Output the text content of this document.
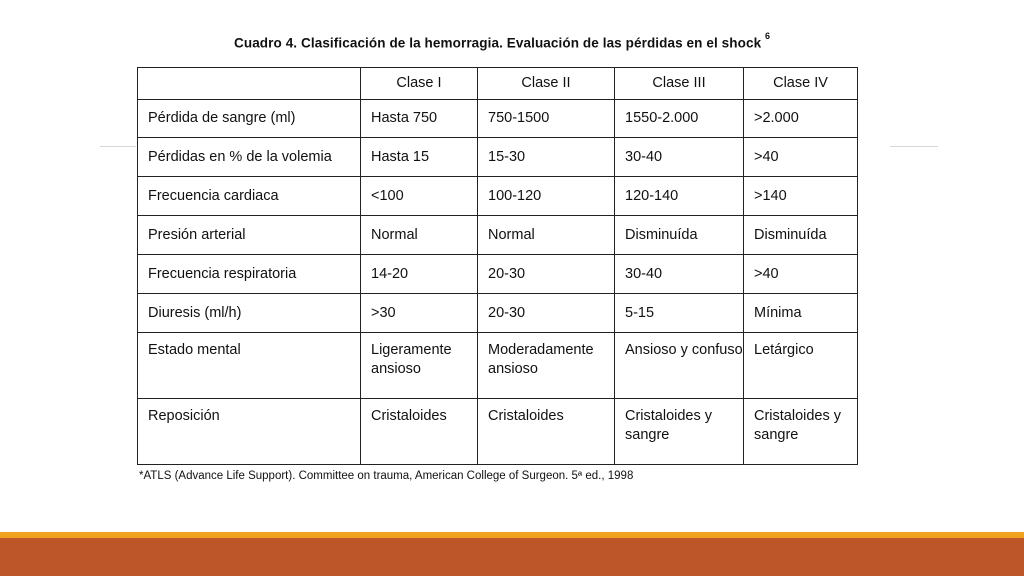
Cuadro 4. Clasificación de la hemorragia. Evaluación de las pérdidas en el shock $^6$
	Clase I	Clase II	Clase III	Clase IV
Pérdida de sangre (ml)	Hasta 750	750-1500	1550-2.000	>2.000
Pérdidas en % de la volemia	Hasta 15	15-30	30-40	>40
Frecuencia cardiaca	<100	100-120	120-140	>140
Presión arterial	Normal	Normal	Disminuída	Disminuída
Frecuencia respiratoria	14-20	20-30	30-40	>40
Diuresis (ml/h)	>30	20-30	5-15	Mínima
Estado mental	Ligeramente ansioso	Moderadamente ansioso	Ansioso y confuso	Letárgico
Reposición	Cristaloides	Cristaloides	Cristaloides y sangre	Cristaloides y sangre
*ATLS (Advance Life Support). Committee on trauma, American College of Surgeon. 5ª ed., 1998
